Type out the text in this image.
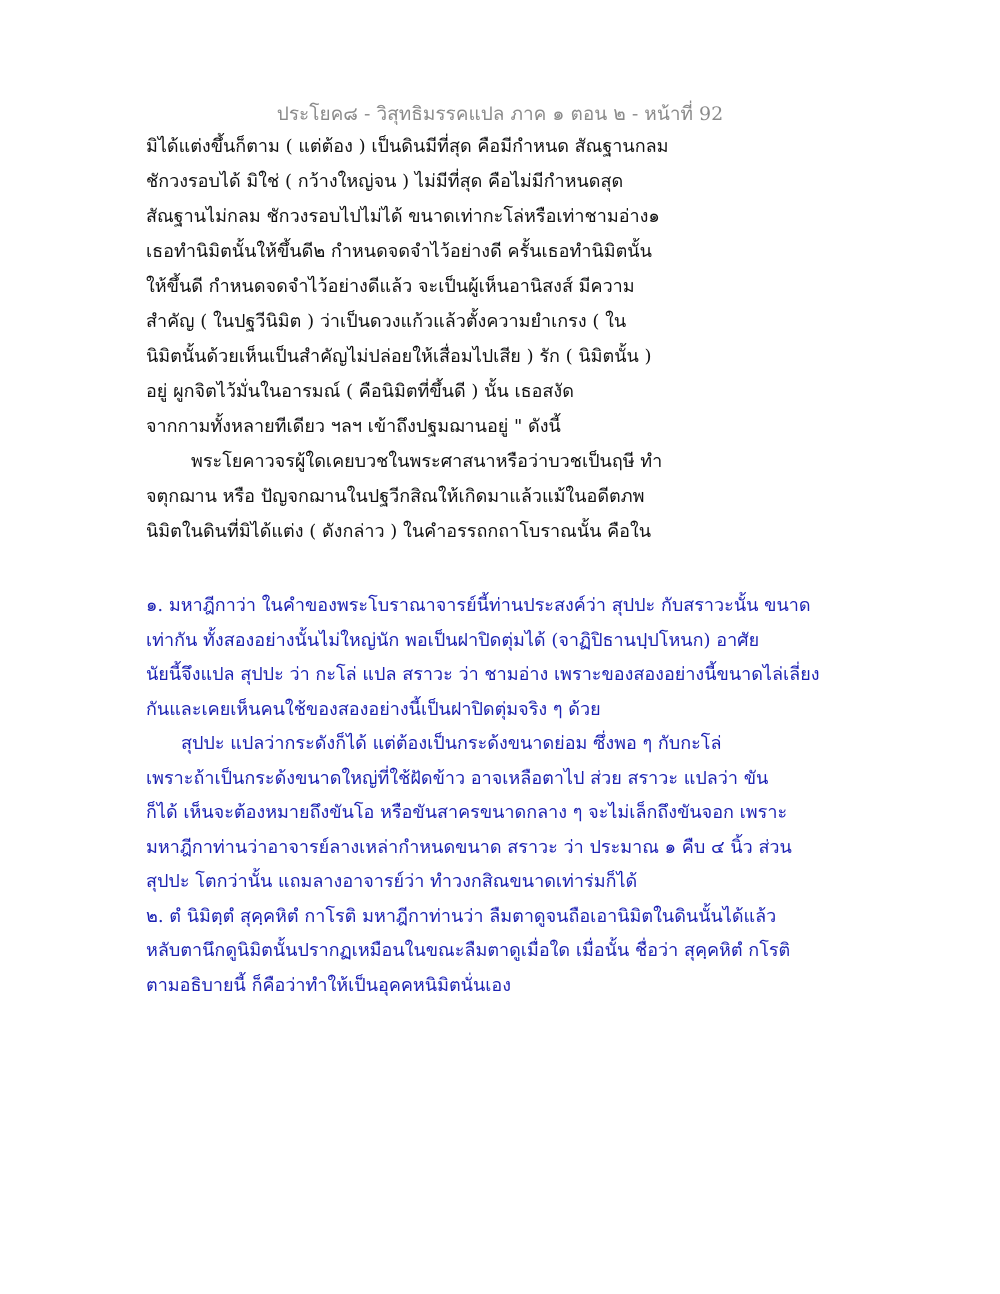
ประโยค๘ - วิสุทธิมรรคแปล ภาค ๑ ตอน ๒ - หน้าที่ 92
มิได้แต่งขึ้นก็ตาม ( แต่ต้อง ) เป็นดินมีที่สุด คือมีกำหนด สัณฐานกลม
ชักวงรอบได้ มิใช่ ( กว้างใหญ่จน ) ไม่มีที่สุด คือไม่มีกำหนดสุด
สัณฐานไม่กลม ชักวงรอบไปไม่ได้ ขนาดเท่ากะโล่หรือเท่าชามอ่าง๑
เธอทำนิมิตนั้นให้ขึ้นดี๒ กำหนดจดจำไว้อย่างดี ครั้นเธอทำนิมิตนั้น
ให้ขึ้นดี กำหนดจดจำไว้อย่างดีแล้ว จะเป็นผู้เห็นอานิสงส์ มีความ
สำคัญ ( ในปฐวีนิมิต ) ว่าเป็นดวงแก้วแล้วตั้งความยำเกรง ( ใน
นิมิตนั้นด้วยเห็นเป็นสำคัญไม่ปล่อยให้เสื่อมไปเสีย ) รัก ( นิมิตนั้น )
อยู่ ผูกจิตไว้มั่นในอารมณ์ ( คือนิมิตที่ขึ้นดี ) นั้น เธอสงัด
จากกามทั้งหลายทีเดียว ฯลฯ เข้าถึงปฐมฌานอยู่ " ดังนี้
พระโยคาวจรผู้ใดเคยบวชในพระศาสนาหรือว่าบวชเป็นฤษี ทำ
จตุกฌาน หรือ ปัญจกฌานในปฐวีกสิณให้เกิดมาแล้วแม้ในอดีตภพ
นิมิตในดินที่มิได้แต่ง ( ดังกล่าว ) ในคำอรรถกถาโบราณนั้น คือใน
๑. มหาฎีกาว่า ในคำของพระโบราณาจารย์นี้ท่านประสงค์ว่า สุปปะ กับสราวะนั้น ขนาด
เท่ากัน ทั้งสองอย่างนั้นไม่ใหญ่นัก พอเป็นฝาปิดตุ่มได้ (จาฏิปิธานปฺปโหนก) อาศัย
นัยนี้จึงแปล สุปปะ ว่า กะโล่ แปล สราวะ ว่า ชามอ่าง เพราะของสองอย่างนี้ขนาดไล่เลี่ยง
กันและเคยเห็นคนใช้ของสองอย่างนี้เป็นฝาปิดตุ่มจริง ๆ ด้วย
สุปปะ แปลว่ากระดังก็ได้ แต่ต้องเป็นกระด้งขนาดย่อม ซึ่งพอ ๆ กับกะโล่
เพราะถ้าเป็นกระด้งขนาดใหญ่ที่ใช้ฝัดข้าว อาจเหลือตาไป ส่วย สราวะ แปลว่า ขัน
ก็ได้ เห็นจะต้องหมายถึงขันโอ หรือขันสาครขนาดกลาง ๆ จะไม่เล็กถึงขันจอก เพราะ
มหาฎีกาท่านว่าอาจารย์ลางเหล่ากำหนดขนาด สราวะ ว่า ประมาณ ๑ คืบ ๔ นิ้ว ส่วน
สุปปะ โตกว่านั้น แถมลางอาจารย์ว่า ทำวงกสิณขนาดเท่าร่มก็ได้
๒. ตํ นิมิตฺตํ สุคฺคหิตํ กาโรติ มหาฎีกาท่านว่า ลืมตาดูจนถือเอานิมิตในดินนั้นได้แล้ว
หลับตานึกดูนิมิตนั้นปรากฏเหมือนในขณะลืมตาดูเมื่อใด เมื่อนั้น ชื่อว่า สุคฺคหิตํ กโรติ
ตามอธิบายนี้ ก็คือว่าทำให้เป็นอุคคหนิมิตนั่นเอง
